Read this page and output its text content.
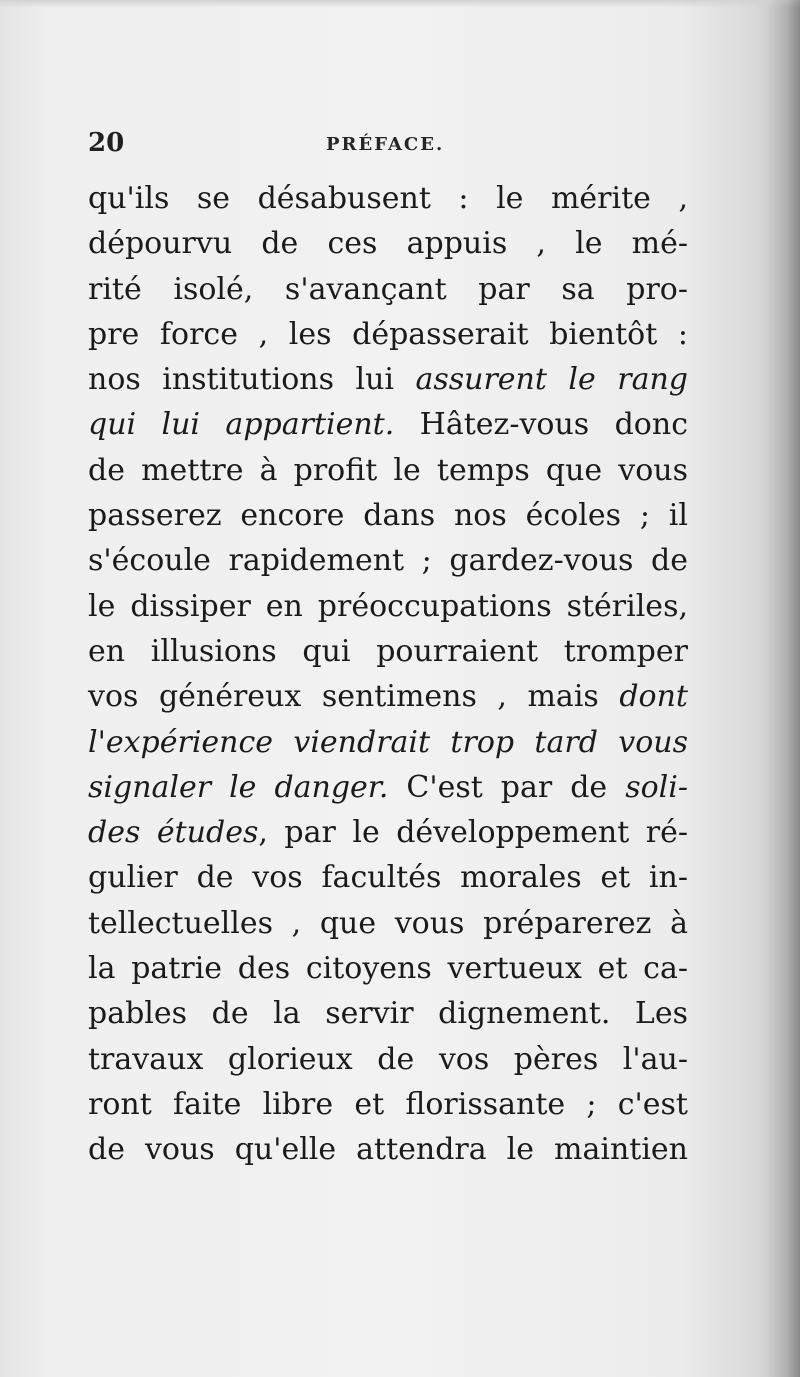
20	PRÉFACE.
qu'ils se désabusent : le mérite ,
dépourvu de ces appuis , le mé-
rité isolé, s'avançant par sa pro-
pre force , les dépasserait bientôt :
nos institutions lui assurent le rang
qui lui appartient. Hâtez-vous donc
de mettre à profit le temps que vous
passerez encore dans nos écoles ; il
s'écoule rapidement ; gardez-vous de
le dissiper en préoccupations stériles,
en illusions qui pourraient tromper
vos généreux sentimens , mais dont
l'expérience viendrait trop tard vous
signaler le danger. C'est par de soli-
des études, par le développement ré-
gulier de vos facultés morales et in-
tellectuelles , que vous préparerez à
la patrie des citoyens vertueux et ca-
pables de la servir dignement. Les
travaux glorieux de vos pères l'au-
ront faite libre et florissante ; c'est
de vous qu'elle attendra le maintien
